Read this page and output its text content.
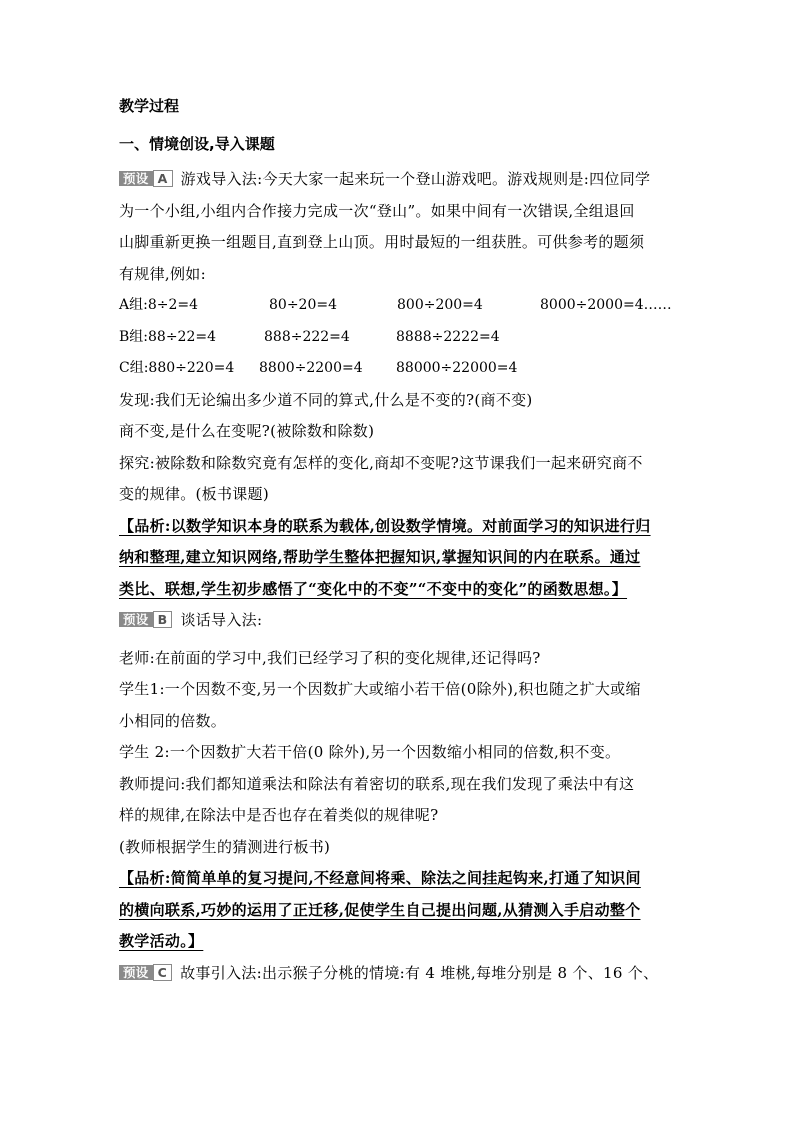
教学过程
一、情境创设,导入课题
预设 A 游戏导入法:今天大家一起来玩一个登山游戏吧。游戏规则是:四位同学
为一个小组,小组内合作接力完成一次“登山”。如果中间有一次错误,全组退回
山脚重新更换一组题目,直到登上山顶。用时最短的一组获胜。可供参考的题须
有规律,例如:
A组:8÷2=4	80÷20=4	800÷200=4	8000÷2000=4……
B组:88÷22=4	888÷222=4	8888÷2222=4
C组:880÷220=4	8800÷2200=4	88000÷22000=4
发现:我们无论编出多少道不同的算式,什么是不变的?(商不变)
商不变,是什么在变呢?(被除数和除数)
探究:被除数和除数究竟有怎样的变化,商却不变呢?这节课我们一起来研究商不
变的规律。(板书课题)
【品析:以数学知识本身的联系为载体,创设数学情境。对前面学习的知识进行归
纳和整理,建立知识网络,帮助学生整体把握知识,掌握知识间的内在联系。通过
类比、联想,学生初步感悟了“变化中的不变”“不变中的变化”的函数思想。】
预设 B 谈话导入法:
老师:在前面的学习中,我们已经学习了积的变化规律,还记得吗?
学生1:一个因数不变,另一个因数扩大或缩小若干倍(0除外),积也随之扩大或缩
小相同的倍数。
学生 2:一个因数扩大若干倍(0 除外),另一个因数缩小相同的倍数,积不变。
教师提问:我们都知道乘法和除法有着密切的联系,现在我们发现了乘法中有这
样的规律,在除法中是否也存在着类似的规律呢?
(教师根据学生的猜测进行板书)
【品析:简简单单的复习提问,不经意间将乘、除法之间挂起钩来,打通了知识间
的横向联系,巧妙的运用了正迁移,促使学生自己提出问题,从猜测入手启动整个
教学活动。】
预设 C 故事引入法:出示猴子分桃的情境:有 4 堆桃,每堆分别是 8 个、16 个、
